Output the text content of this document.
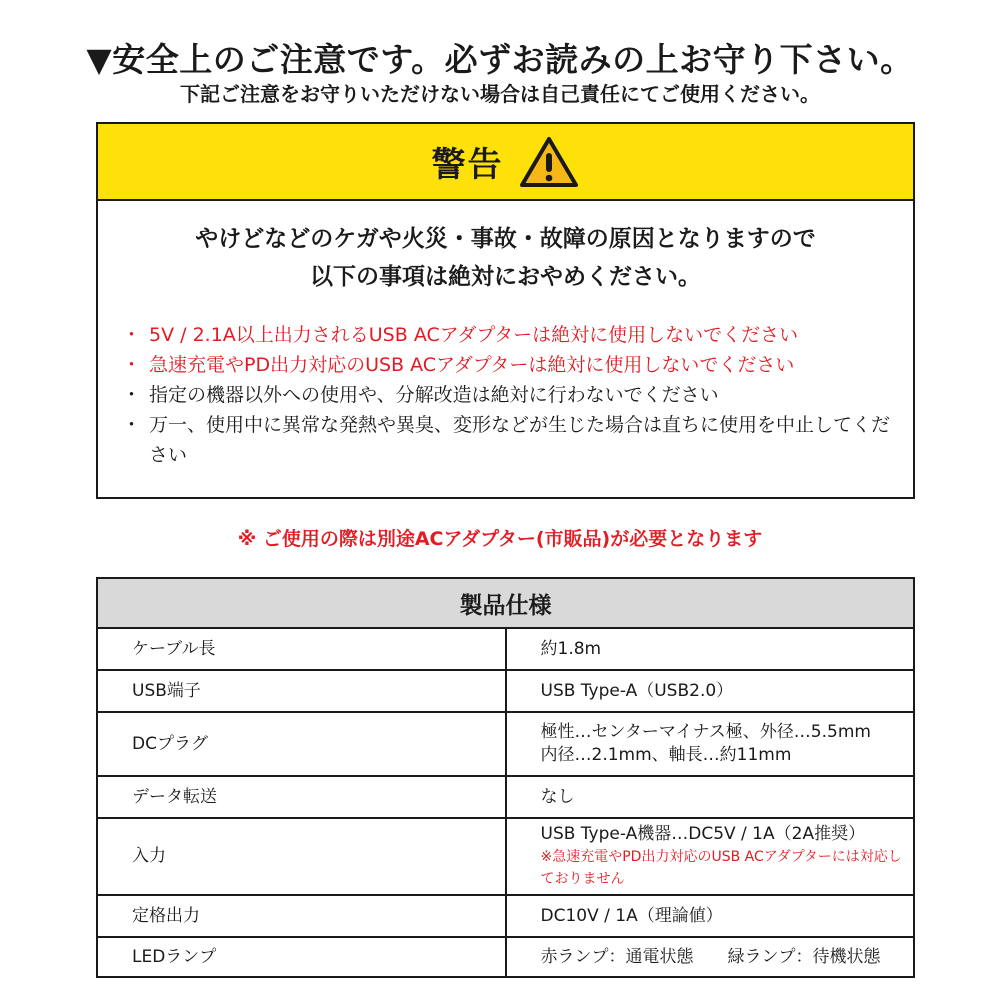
▼安全上のご注意です。必ずお読みの上お守り下さい。
下記ご注意をお守りいただけない場合は自己責任にてご使用ください。
警告
やけどなどのケガや火災・事故・故障の原因となりますので
以下の事項は絶対におやめください。
・ 5V / 2.1A以上出力されるUSB ACアダプターは絶対に使用しないでください
・ 急速充電やPD出力対応のUSB ACアダプターは絶対に使用しないでください
・ 指定の機器以外への使用や、分解改造は絶対に行わないでください
・ 万一、使用中に異常な発熱や異臭、変形などが生じた場合は直ちに使用を中止してください
※ ご使用の際は別途ACアダプター(市販品)が必要となります
製品仕様	
ケーブル長	約1.8m
USB端子	USB Type-A（USB2.0）
DCプラグ	極性…センターマイナス極、外径…5.5mm
内径…2.1mm、軸長…約11mm

データ転送	なし
入力	USB Type-A機器…DC5V / 1A（2A推奨）
※急速充電やPD出力対応のUSB ACアダプターには対応しておりません

定格出力	DC10V / 1A（理論値）
LEDランプ	赤ランプ：通電状態　　緑ランプ：待機状態
